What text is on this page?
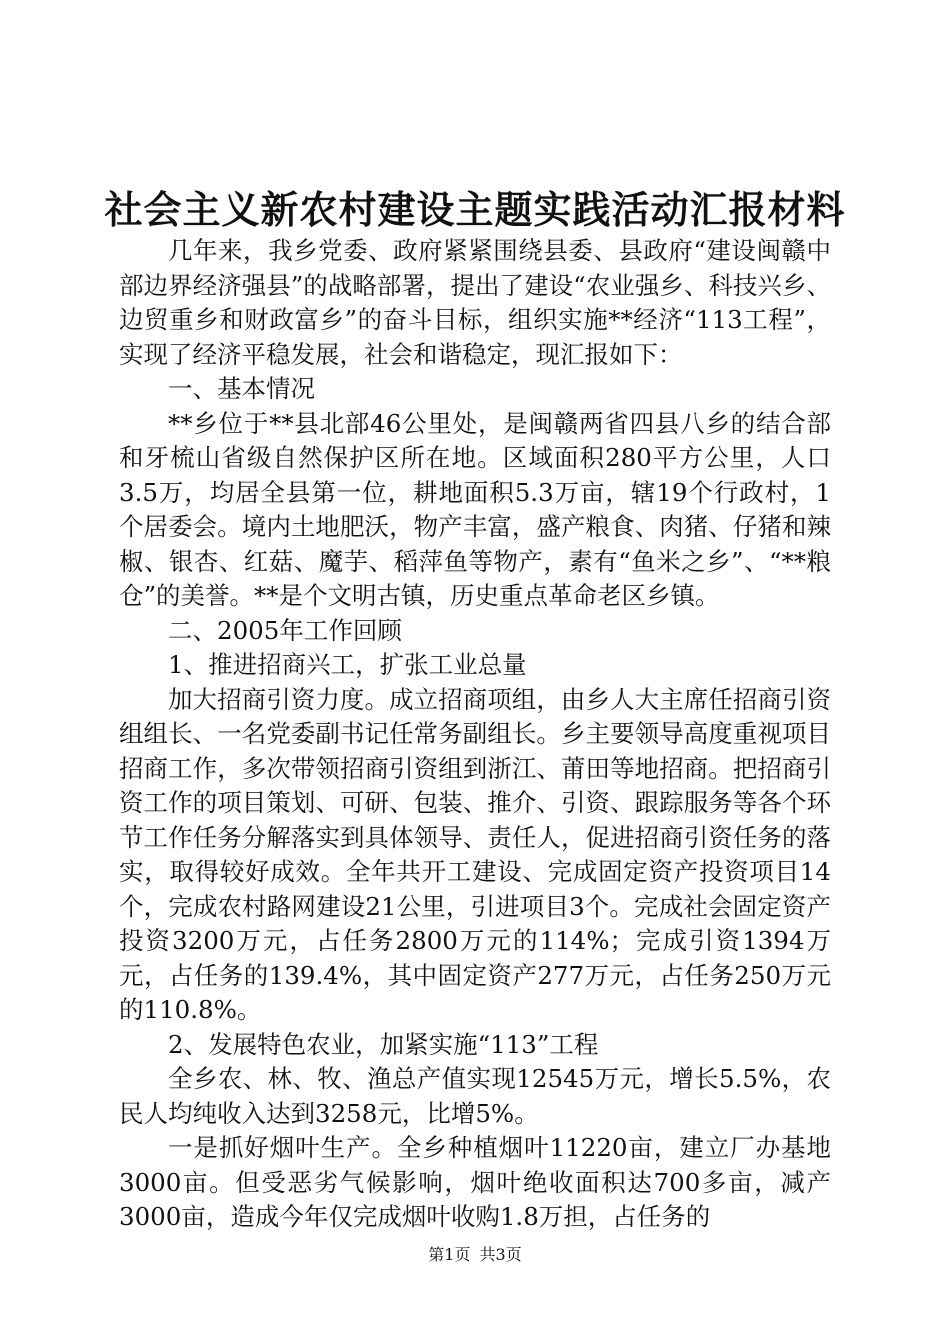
社会主义新农村建设主题实践活动汇报材料

几年来，我乡党委、政府紧紧围绕县委、县政府“建设闽赣中部边界经济强县”的战略部署，提出了建设“农业强乡、科技兴乡、边贸重乡和财政富乡”的奋斗目标，组织实施**经济“113工程”，实现了经济平稳发展，社会和谐稳定，现汇报如下：

一、基本情况

**乡位于**县北部46公里处，是闽赣两省四县八乡的结合部和牙梳山省级自然保护区所在地。区域面积280平方公里，人口3.5万，均居全县第一位，耕地面积5.3万亩，辖19个行政村，1个居委会。境内土地肥沃，物产丰富，盛产粮食、肉猪、仔猪和辣椒、银杏、红菇、魔芋、稻萍鱼等物产，素有“鱼米之乡”、“**粮仓”的美誉。**是个文明古镇，历史重点革命老区乡镇。

二、2005年工作回顾

1、推进招商兴工，扩张工业总量

加大招商引资力度。成立招商项组，由乡人大主席任招商引资组组长、一名党委副书记任常务副组长。乡主要领导高度重视项目招商工作，多次带领招商引资组到浙江、莆田等地招商。把招商引资工作的项目策划、可研、包装、推介、引资、跟踪服务等各个环节工作任务分解落实到具体领导、责任人，促进招商引资任务的落实，取得较好成效。全年共开工建设、完成固定资产投资项目14个，完成农村路网建设21公里，引进项目3个。完成社会固定资产投资3200万元，占任务2800万元的114%；完成引资1394万元，占任务的139.4%，其中固定资产277万元，占任务250万元的110.8%。

2、发展特色农业，加紧实施“113”工程

全乡农、林、牧、渔总产值实现12545万元，增长5.5%，农民人均纯收入达到3258元，比增5%。

一是抓好烟叶生产。全乡种植烟叶11220亩，建立厂办基地3000亩。但受恶劣气候影响，烟叶绝收面积达700多亩，减产3000亩，造成今年仅完成烟叶收购1.8万担，占任务的

第1页 共3页
